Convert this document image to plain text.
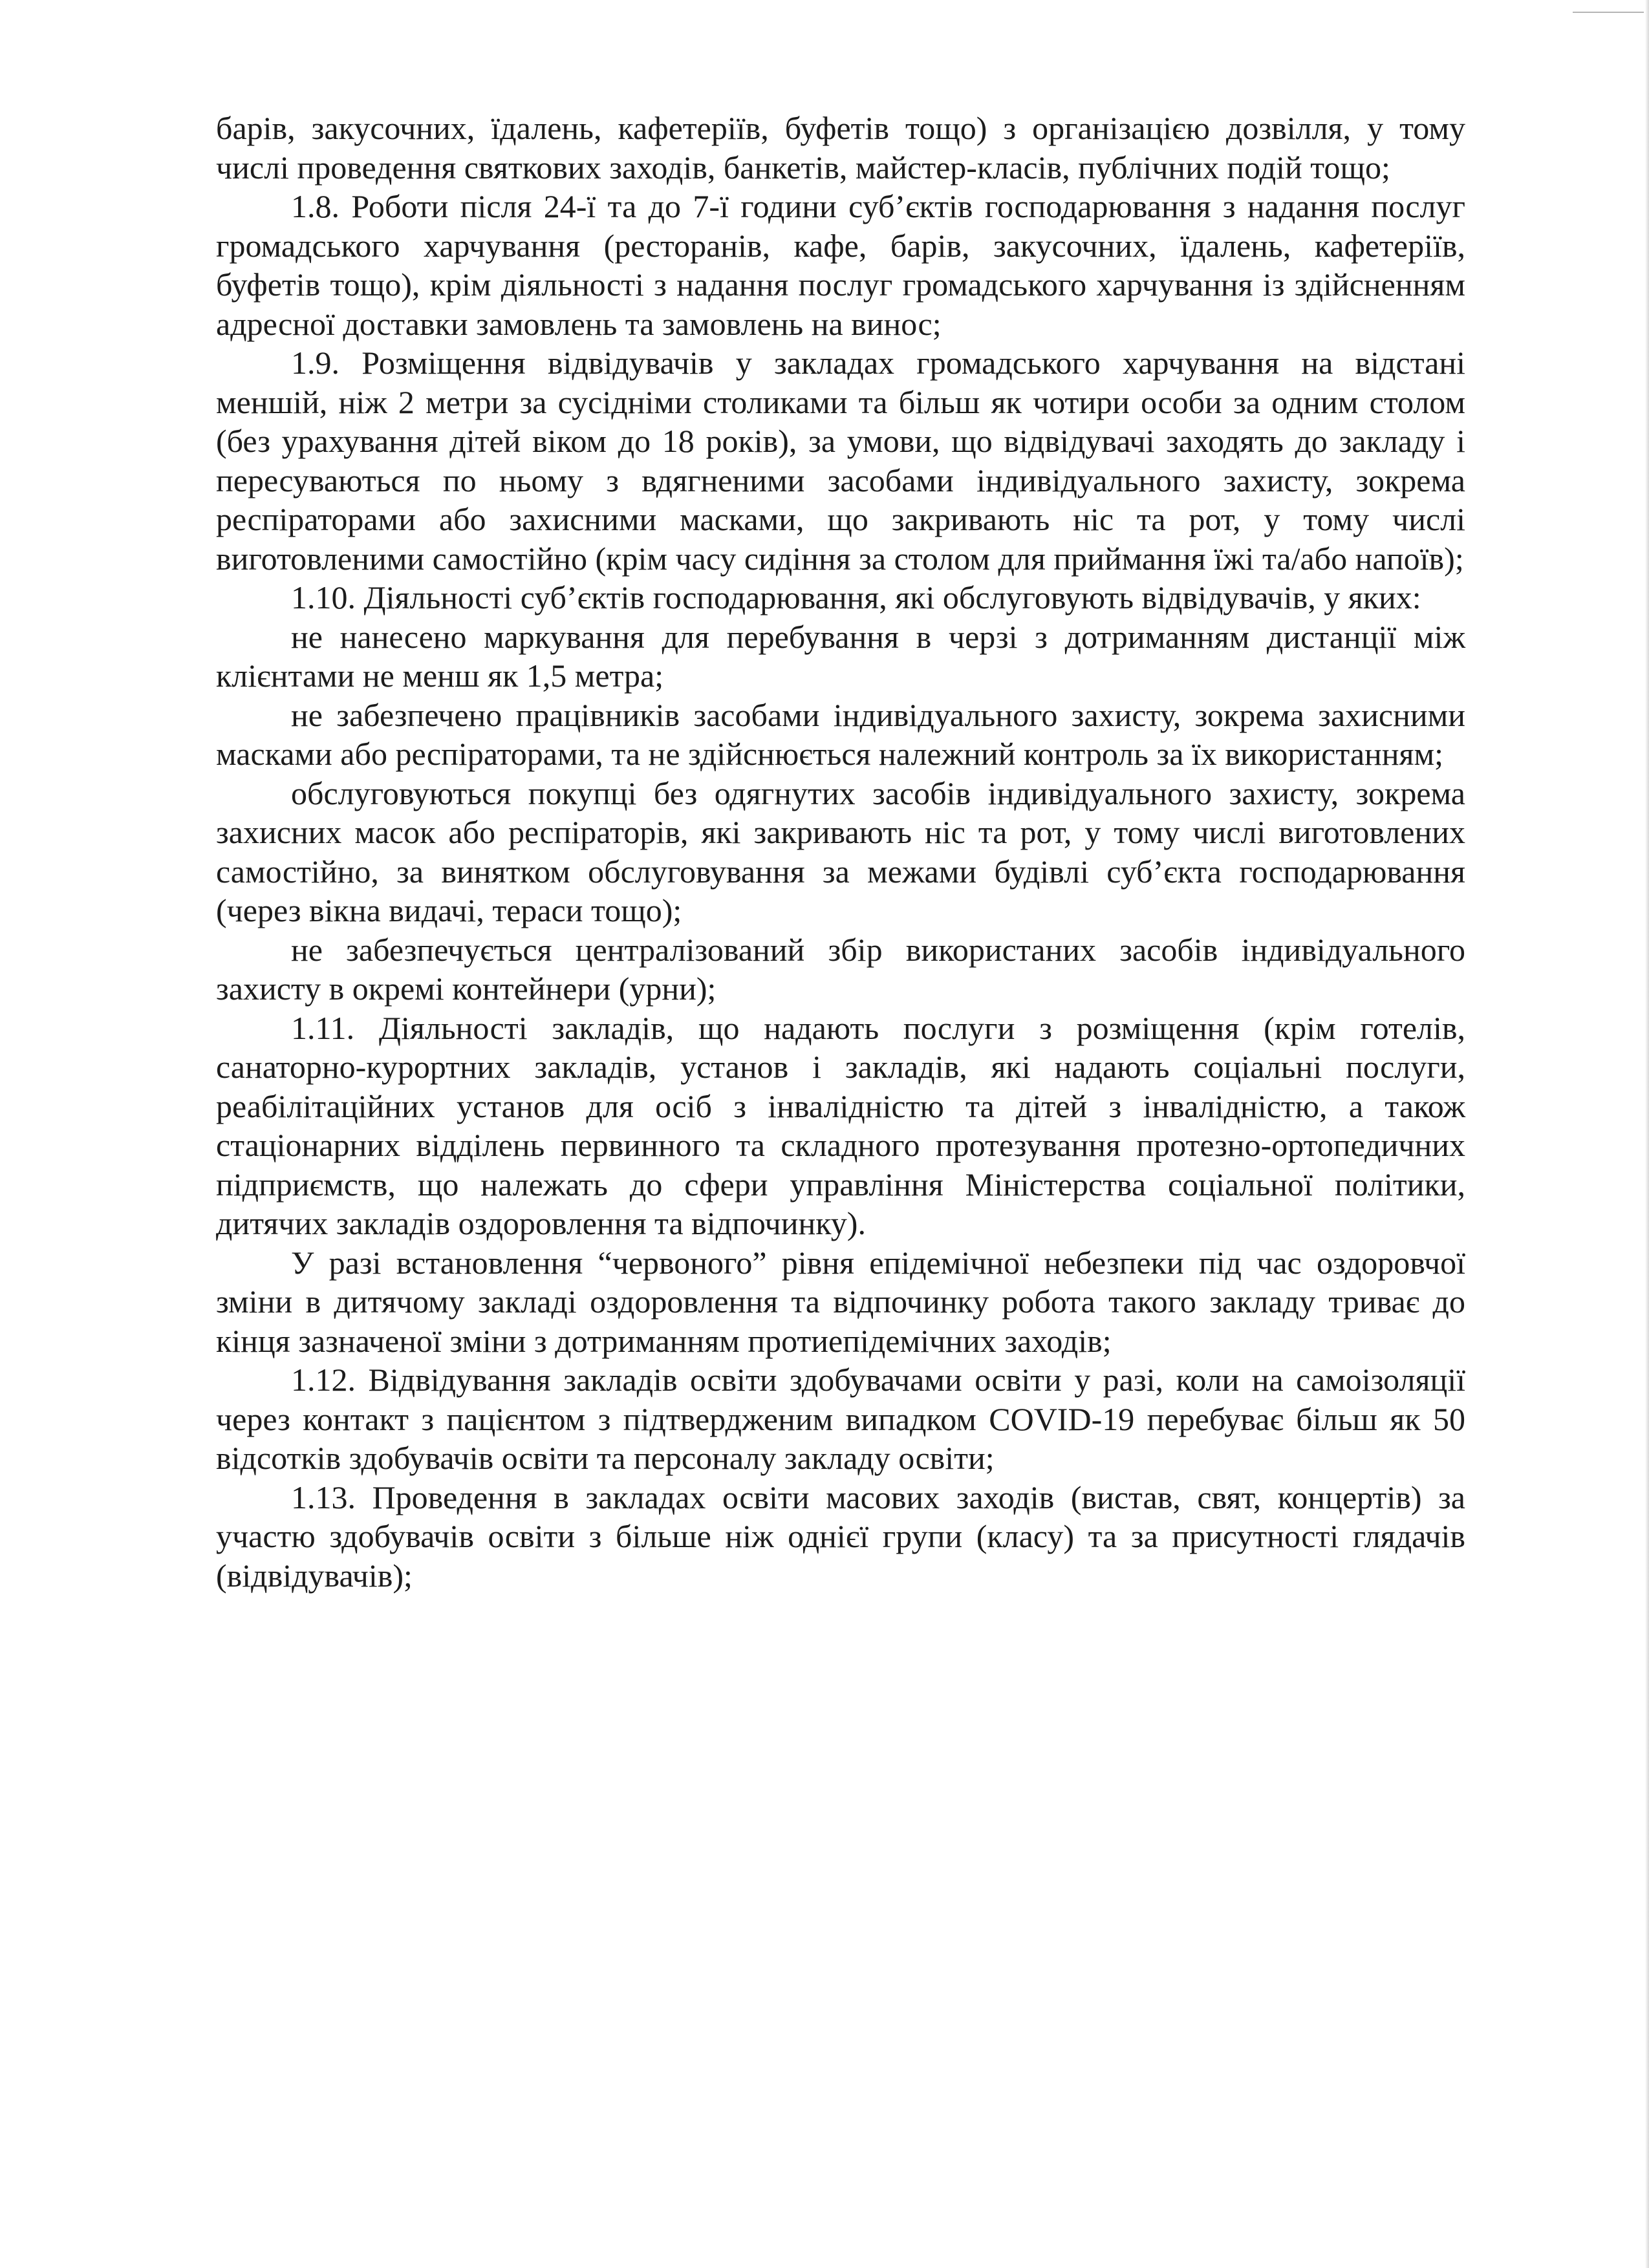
барів, закусочних, їдалень, кафетеріїв, буфетів тощо) з організацією дозвілля, у тому числі проведення святкових заходів, банкетів, майстер-класів, публічних подій тощо;

1.8. Роботи після 24-ї та до 7-ї години суб’єктів господарювання з надання послуг громадського харчування (ресторанів, кафе, барів, закусочних, їдалень, кафетеріїв, буфетів тощо), крім діяльності з надання послуг громадського харчування із здійсненням адресної доставки замовлень та замовлень на винос;

1.9. Розміщення відвідувачів у закладах громадського харчування на відстані меншій, ніж 2 метри за сусідніми столиками та більш як чотири особи за одним столом (без урахування дітей віком до 18 років), за умови, що відвідувачі заходять до закладу і пересуваються по ньому з вдягненими засобами індивідуального захисту, зокрема респіраторами або захисними масками, що закривають ніс та рот, у тому числі виготовленими самостійно (крім часу сидіння за столом для приймання їжі та/або напоїв);

1.10. Діяльності суб’єктів господарювання, які обслуговують відвідувачів, у яких:

не нанесено маркування для перебування в черзі з дотриманням дистанції між клієнтами не менш як 1,5 метра;

не забезпечено працівників засобами індивідуального захисту, зокрема захисними масками або респіраторами, та не здійснюється належний контроль за їх використанням;

обслуговуються покупці без одягнутих засобів індивідуального захисту, зокрема захисних масок або респіраторів, які закривають ніс та рот, у тому числі виготовлених самостійно, за винятком обслуговування за межами будівлі суб’єкта господарювання (через вікна видачі, тераси тощо);

не забезпечується централізований збір використаних засобів індивідуального захисту в окремі контейнери (урни);

1.11. Діяльності закладів, що надають послуги з розміщення (крім готелів, санаторно-курортних закладів, установ і закладів, які надають соціальні послуги, реабілітаційних установ для осіб з інвалідністю та дітей з інвалідністю, а також стаціонарних відділень первинного та складного протезування протезно-ортопедичних підприємств, що належать до сфери управління Міністерства соціальної політики, дитячих закладів оздоровлення та відпочинку).

У разі встановлення “червоного” рівня епідемічної небезпеки під час оздоровчої зміни в дитячому закладі оздоровлення та відпочинку робота такого закладу триває до кінця зазначеної зміни з дотриманням протиепідемічних заходів;

1.12. Відвідування закладів освіти здобувачами освіти у разі, коли на самоізоляції через контакт з пацієнтом з підтвердженим випадком COVID-19 перебуває більш як 50 відсотків здобувачів освіти та персоналу закладу освіти;

1.13. Проведення в закладах освіти масових заходів (вистав, свят, концертів) за участю здобувачів освіти з більше ніж однієї групи (класу) та за присутності глядачів (відвідувачів);
